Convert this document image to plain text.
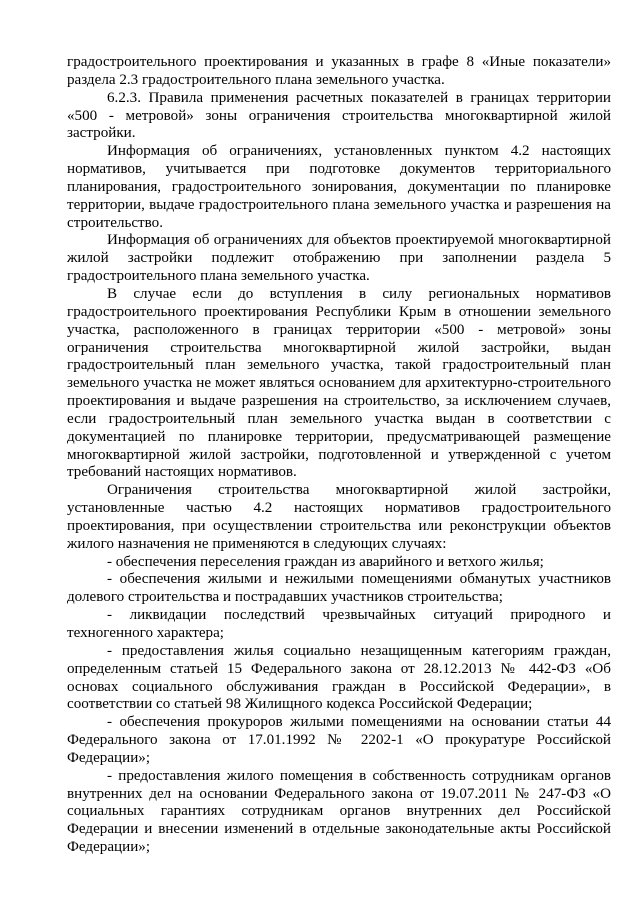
градостроительного проектирования и указанных в графе 8 «Иные показатели» раздела 2.3 градостроительного плана земельного участка.

6.2.3. Правила применения расчетных показателей в границах территории «500 - метровой» зоны ограничения строительства многоквартирной жилой застройки.

Информация об ограничениях, установленных пунктом 4.2 настоящих нормативов, учитывается при подготовке документов территориального планирования, градостроительного зонирования, документации по планировке территории, выдаче градостроительного плана земельного участка и разрешения на строительство.

Информация об ограничениях для объектов проектируемой многоквартирной жилой застройки подлежит отображению при заполнении раздела 5 градостроительного плана земельного участка.

В случае если до вступления в силу региональных нормативов градостроительного проектирования Республики Крым в отношении земельного участка, расположенного в границах территории «500 - метровой» зоны ограничения строительства многоквартирной жилой застройки, выдан градостроительный план земельного участка, такой градостроительный план земельного участка не может являться основанием для архитектурно-строительного проектирования и выдаче разрешения на строительство, за исключением случаев, если градостроительный план земельного участка выдан в соответствии с документацией по планировке территории, предусматривающей размещение многоквартирной жилой застройки, подготовленной и утвержденной с учетом требований настоящих нормативов.

Ограничения строительства многоквартирной жилой застройки, установленные частью 4.2 настоящих нормативов градостроительного проектирования, при осуществлении строительства или реконструкции объектов жилого назначения не применяются в следующих случаях:

- обеспечения переселения граждан из аварийного и ветхого жилья;

- обеспечения жилыми и нежилыми помещениями обманутых участников долевого строительства и пострадавших участников строительства;

- ликвидации последствий чрезвычайных ситуаций природного и техногенного характера;

- предоставления жилья социально незащищенным категориям граждан, определенным статьей 15 Федерального закона от 28.12.2013 № 442-ФЗ «Об основах социального обслуживания граждан в Российской Федерации», в соответствии со статьей 98 Жилищного кодекса Российской Федерации;

- обеспечения прокуроров жилыми помещениями на основании статьи 44 Федерального закона от 17.01.1992 № 2202-1 «О прокуратуре Российской Федерации»;

- предоставления жилого помещения в собственность сотрудникам органов внутренних дел на основании Федерального закона от 19.07.2011 № 247-ФЗ «О социальных гарантиях сотрудникам органов внутренних дел Российской Федерации и внесении изменений в отдельные законодательные акты Российской Федерации»;
